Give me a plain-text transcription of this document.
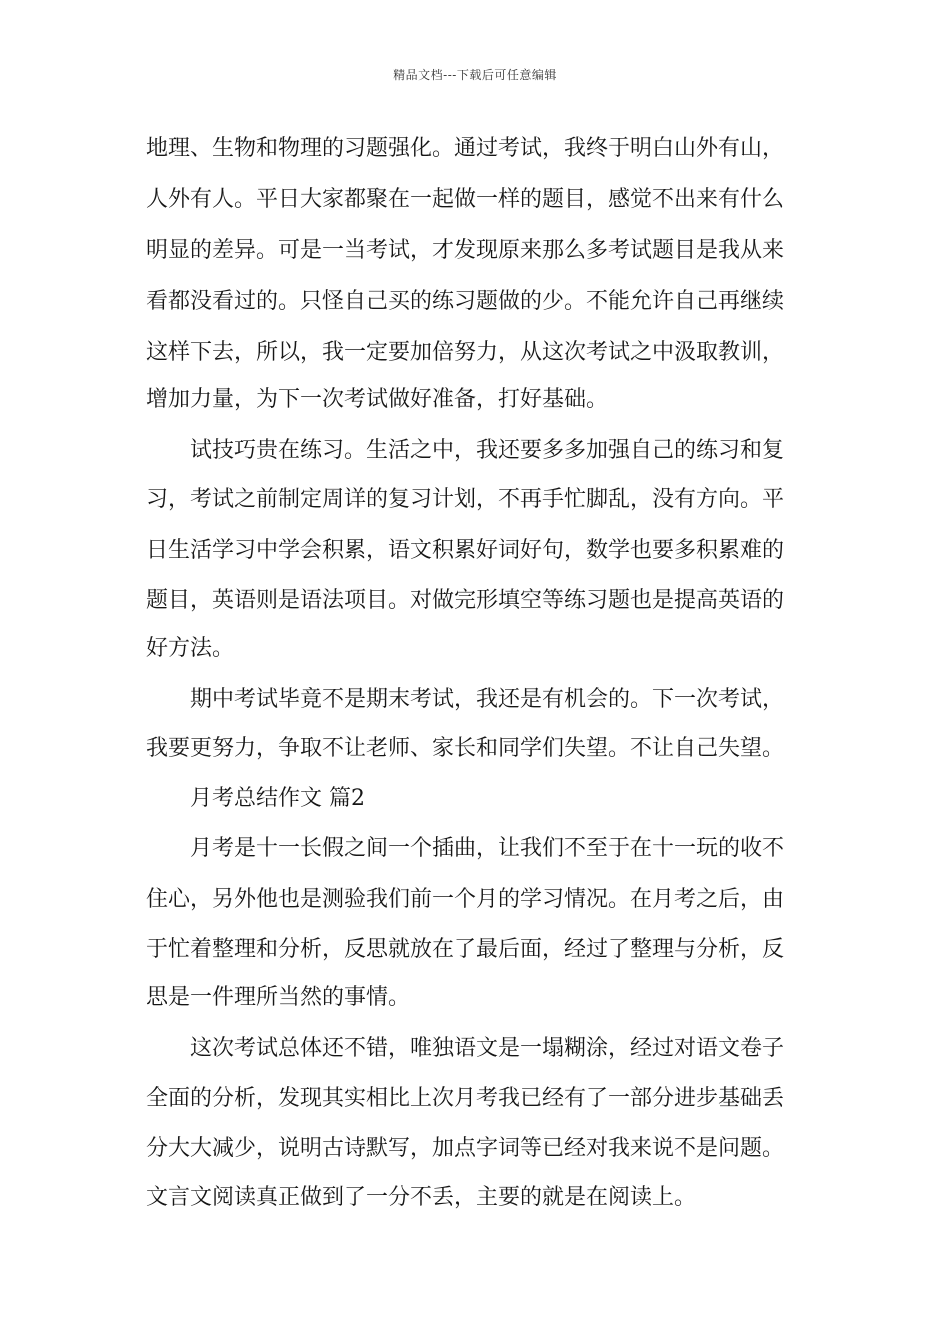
精品文档---下载后可任意编辑
地理、生物和物理的习题强化。通过考试，我终于明白山外有山，
人外有人。平日大家都聚在一起做一样的题目，感觉不出来有什么
明显的差异。可是一当考试，才发现原来那么多考试题目是我从来
看都没看过的。只怪自己买的练习题做的少。不能允许自己再继续
这样下去，所以，我一定要加倍努力，从这次考试之中汲取教训，
增加力量，为下一次考试做好准备，打好基础。
试技巧贵在练习。生活之中，我还要多多加强自己的练习和复
习，考试之前制定周详的复习计划，不再手忙脚乱，没有方向。平
日生活学习中学会积累，语文积累好词好句，数学也要多积累难的
题目，英语则是语法项目。对做完形填空等练习题也是提高英语的
好方法。
期中考试毕竟不是期末考试，我还是有机会的。下一次考试，
我要更努力，争取不让老师、家长和同学们失望。不让自己失望。
月考总结作文 篇2
月考是十一长假之间一个插曲，让我们不至于在十一玩的收不
住心，另外他也是测验我们前一个月的学习情况。在月考之后，由
于忙着整理和分析，反思就放在了最后面，经过了整理与分析，反
思是一件理所当然的事情。
这次考试总体还不错，唯独语文是一塌糊涂，经过对语文卷子
全面的分析，发现其实相比上次月考我已经有了一部分进步基础丢
分大大减少，说明古诗默写，加点字词等已经对我来说不是问题。
文言文阅读真正做到了一分不丢，主要的就是在阅读上。
